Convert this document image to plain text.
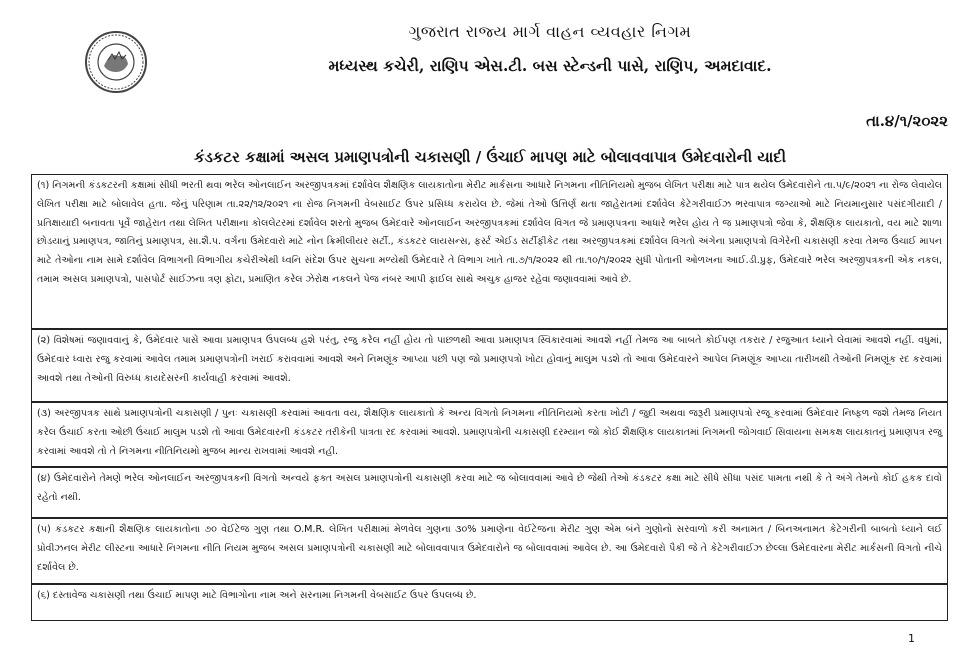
ગુજરાત રાજ્ય માર્ગ વાહન વ્યવહાર નિગમ
મધ્યસ્થ કચેરી, રાણિપ એસ.ટી. બસ સ્ટેન્ડની પાસે, રાણિપ, અમદાવાદ.
તા.૪/૧/૨૦૨૨
કંડકટર કક્ષામાં અસલ પ્રમાણપત્રોની ચકાસણી / ઉંચાઈ માપણ માટે બોલાવવાપાત્ર ઉમેદવારોની યાદી
(૧) નિગમની કંડકટરની કક્ષામાં સીધી ભરતી થવા ભરેલ ઓનલાઈન અરજીપત્રકમાં દર્શાવેલ શૈક્ષણિક લાયકાતોના મેરીટ માર્કસના આધારે નિગમના નીતિનિયમો મુજબ લેખિત પરીક્ષા માટે પાત્ર થયેલ ઉમેદવારોને તા.૫/૯/૨૦૨૧ ના રોજ લેવાયેલ લેખિત પરીક્ષા માટે બોલાવેલ હતા. જેનું પરિણામ તા.૨૨/૧૨/૨૦૨૧ ના રોજ નિગમની વેબસાઈટ ઉપર પ્રસિધ્ધ કરાયેલ છે. જેમાં તેઓ ઉત્તિર્ણ થતા જાહેરાતમાં દર્શાવેલ કેટેગરીવાઈઝ ભરવાપાત્ર જગ્યાઓ માટે નિયમાનુસાર પસંદગીયાદી / પ્રતિક્ષાયાદી બનાવતા પૂર્વે જાહેરાત તથા લેખિત પરીક્ષાના કોલલેટરમાં દર્શાવેલ શરતો મુજબ ઉમેદવારે ઓનલાઈન અરજીપત્રકમાં દર્શાવેલ વિગત જે પ્રમાણપત્રના આધારે ભરેલ હોય તે જ પ્રમાણપત્રો જેવા કે, શૈક્ષણિક લાયકાતો, વય માટે શાળા છોડયાનું પ્રમાણપત્ર, જાતિનું પ્રમાણપત્ર, સા.શૈ.પ. વર્ગના ઉમેદવારો માટે નોન ક્રિમીલીયર સર્ટી., કંડકટર લાયસન્સ, ફર્સ્ટ એઈડ સર્ટીફીકેટ તથા અરજીપત્રકમાં દર્શાવેલ વિગતો અંગેના પ્રમાણપત્રો વિગેરેની ચકાસણી કરવા તેમજ ઉંચાઈ માપન માટે તેઓના નામ સામે દર્શાવેલ વિભાગની વિભાગીય કચેરીએથી ધ્વનિ સંદેશ ઉપર સુચના મળ્યેથી ઉમેદવારે તે વિભાગ ખાતે તા.૭/૧/૨૦૨૨ થી તા.૧૦/૧/૨૦૨૨ સુધી પોતાની ઓળખના આઈ.ડી.પ્રુફ, ઉમેદવારે ભરેલ અરજીપત્રકની એક નકલ, તમામ અસલ પ્રમાણપત્રો, પાસપોર્ટ સાઈઝના ત્રણ ફોટા, પ્રમાણિત કરેલ ઝેરોક્ષ નકલને પેજ નંબર આપી ફાઈલ સાથે અચુક હાજર રહેવા જણાવવામાં આવે છે.
(૨) વિશેષમાં જણાવવાનું કે, ઉમેદવાર પાસે આવા પ્રમાણપત્ર ઉપલબ્ધ હશે પરંતુ, રજુ કરેલ નહીં હોય તો પાછળથી આવા પ્રમાણપત્ર સ્વિકારવામાં આવશે નહીં તેમજ આ બાબતે કોઈપણ તકરાર / રજુઆત ધ્યાને લેવામાં આવશે નહીં. વધુમાં, ઉમેદવાર ધ્વારા રજુ કરવામાં આવેલ તમામ પ્રમાણપત્રોની ખરાઈ કરાવવામાં આવશે અને નિમણૂંક આપ્યા પછી પણ જો પ્રમાણપત્રો ખોટા હોવાનું માલુમ પડશે તો આવા ઉમેદવારને આપેલ નિમણૂંક આપ્યા તારીખથી તેઓની નિમણૂંક રદ કરવામાં આવશે તથા તેઓની વિરુધ્ધ કાયદેસરની કાર્યવાહી કરવામાં આવશે.
(૩) અરજીપત્રક સાથે પ્રમાણપત્રોની ચકાસણી / પુનઃ ચકાસણી કરવામાં આવતા વય, શૈક્ષણિક લાયકાતો કે અન્ય વિગતો નિગમના નીતિનિયમો કરતા ખોટી / જુદી અથવા જરૂરી પ્રમાણપત્રો રજૂ કરવામાં ઉમેદવાર નિષ્ફળ જશે તેમજ નિયત કરેલ ઉંચાઈ કરતા ઓછી ઉંચાઈ માલુમ પડશે તો આવા ઉમેદવારની કંડકટર તરીકેની પાત્રતા રદ કરવામાં આવશે. પ્રમાણપત્રોની ચકાસણી દરમ્યાન જો કોઈ શૈક્ષણિક લાયકાતમાં નિગમની જોગવાઈ સિવાયના સમકક્ષ લાયકાતનું પ્રમાણપત્ર રજુ કરવામાં આવશે તો તે નિગમના નીતિનિયમો મુજબ માન્ય રાખવામાં આવશે નહી.
(૪) ઉમેદવારોને તેમણે ભરેલ ઓનલાઈન અરજીપત્રકની વિગતો અન્વયે ફક્ત અસલ પ્રમાણપત્રોની ચકાસણી કરવા માટે જ બોલાવવામાં આવે છે જેથી તેઓ કંડકટર કક્ષા માટે સીધે સીધા પસંદ પામતા નથી કે તે અંગે તેમનો કોઈ હકક દાવો રહેતો નથી.
(૫) કંડકટર કક્ષાની શૈક્ષણિક લાયકાતોના ૭૦ વેઈટેજ ગુણ તથા O.M.R. લેખિત પરીક્ષામાં મેળવેલ ગુણના ૩૦% પ્રમાણેના વેઈટેજના મેરીટ ગુણ એમ બંને ગુણોનો સરવાળો કરી અનામત / બિનઅનામત કેટેગરીની બાબતો ધ્યાને લઈ પ્રોવીઝનલ મેરીટ લીસ્ટના આધારે નિગમના નીતિ નિયમ મુજબ અસલ પ્રમાણપત્રોની ચકાસણી માટે બોલાવવાપાત્ર ઉમેદવારોને જ બોલાવવામાં આવેલ છે. આ ઉમેદવારો પૈકી જે તે કેટેગરીવાઈઝ છેલ્લા ઉમેદવારના મેરીટ માર્કસની વિગતો નીચે દર્શાવેલ છે.
(૬) દસ્તાવેજ ચકાસણી તથા ઉંચાઈ માપણ માટે વિભાગોના નામ અને સરનામા નિગમની વેબસાઈટ ઉપર ઉપલબ્ધ છે.
1
